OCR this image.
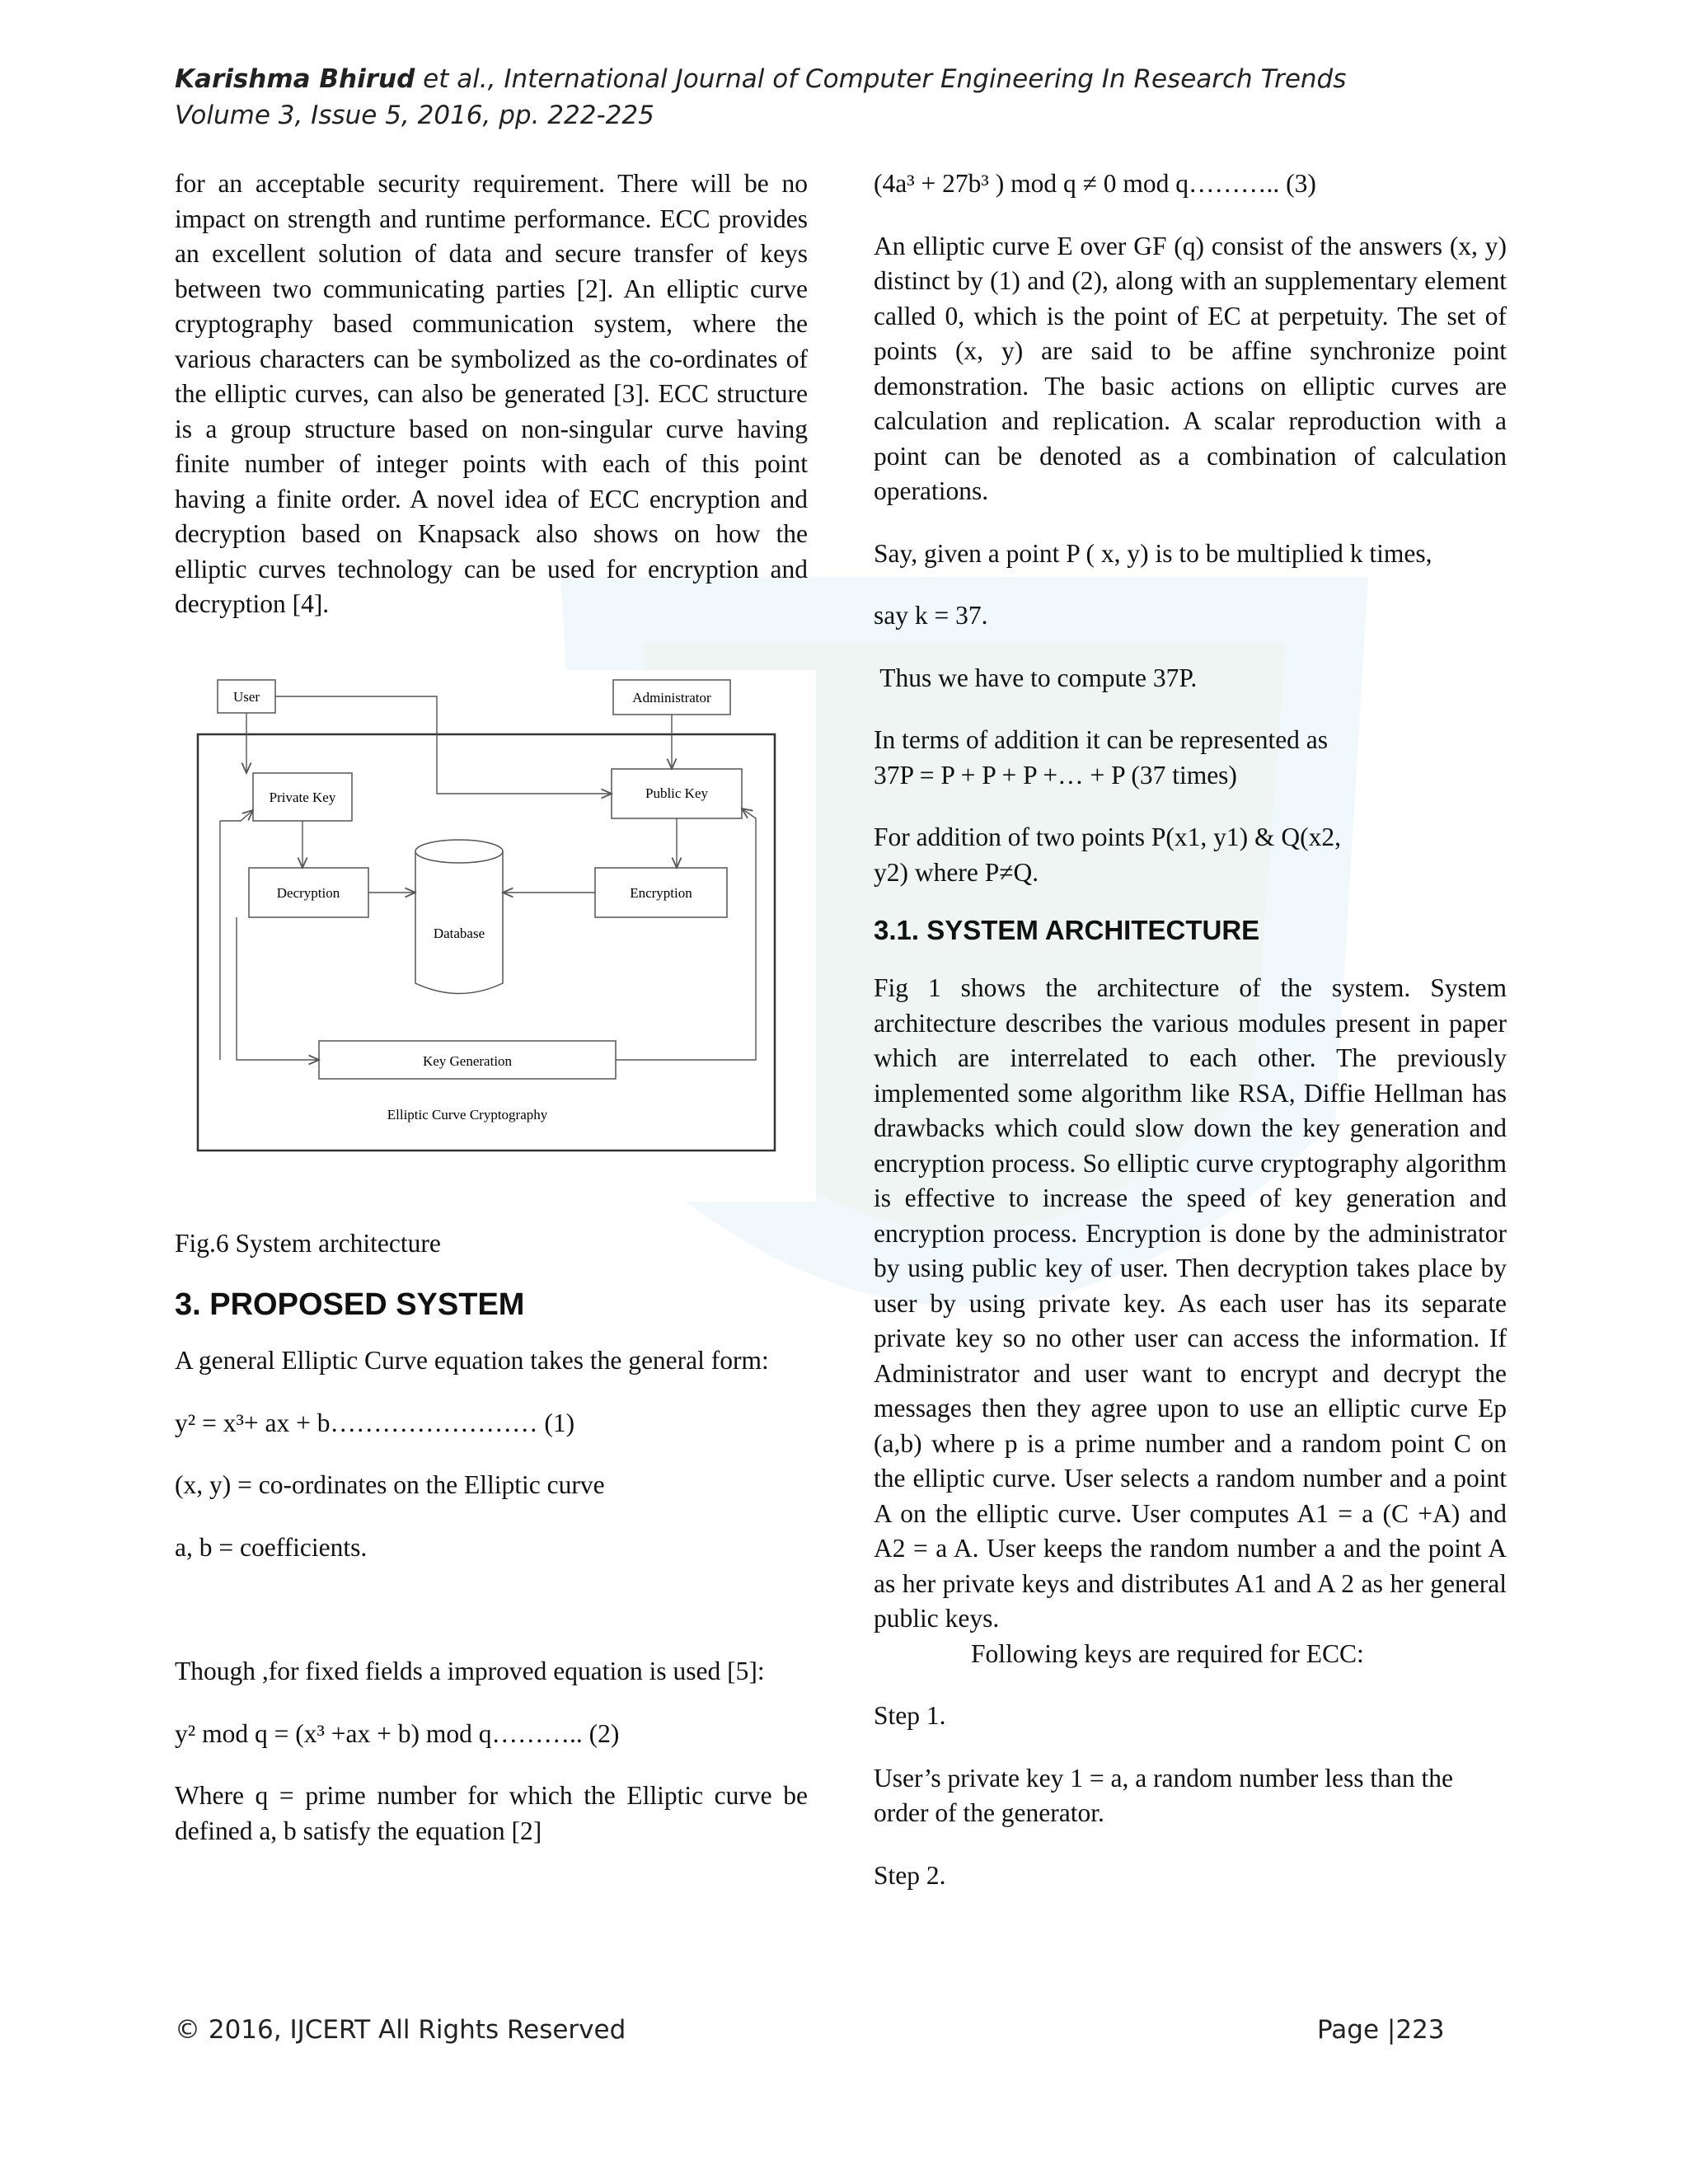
Karishma Bhirud et al., International Journal of Computer Engineering In Research Trends
Volume 3, Issue 5, 2016, pp. 222-225

for an acceptable security requirement. There will be no impact on strength and runtime performance. ECC provides an excellent solution of data and secure transfer of keys between two communicating parties [2]. An elliptic curve cryptography based communication system, where the various characters can be symbolized as the co-ordinates of the elliptic curves, can also be generated [3]. ECC structure is a group structure based on non-singular curve having finite number of integer points with each of this point having a finite order. A novel idea of ECC encryption and decryption based on Knapsack also shows on how the elliptic curves technology can be used for encryption and decryption [4].

User	Administrator
Private Key	Public Key
Decryption	Encryption
Database
Key Generation
Elliptic Curve Cryptography

Fig.6 System architecture

3. PROPOSED SYSTEM

A general Elliptic Curve equation takes the general form:

y² = x³+ ax + b…………………… (1)

(x, y) = co-ordinates on the Elliptic curve

a, b = coefficients.

Though ,for fixed fields a improved equation is used [5]:

y² mod q = (x³ +ax + b) mod q……….. (2)

Where q = prime number for which the Elliptic curve be defined a, b satisfy the equation [2]

(4a³ + 27b³ ) mod q ≠ 0 mod q……….. (3)

An elliptic curve E over GF (q) consist of the answers (x, y) distinct by (1) and (2), along with an supplementary element called 0, which is the point of EC at perpetuity. The set of points (x, y) are said to be affine synchronize point demonstration. The basic actions on elliptic curves are calculation and replication. A scalar reproduction with a point can be denoted as a combination of calculation operations.

Say, given a point P ( x, y) is to be multiplied k times,

say k = 37.

Thus we have to compute 37P.

In terms of addition it can be represented as

37P = P + P + P +… + P (37 times)

For addition of two points P(x1, y1) & Q(x2,

y2) where P≠Q.

3.1. SYSTEM ARCHITECTURE

Fig 1 shows the architecture of the system. System architecture describes the various modules present in paper which are interrelated to each other. The previously implemented some algorithm like RSA, Diffie Hellman has drawbacks which could slow down the key generation and encryption process. So elliptic curve cryptography algorithm is effective to increase the speed of key generation and encryption process. Encryption is done by the administrator by using public key of user. Then decryption takes place by user by using private key. As each user has its separate private key so no other user can access the information. If Administrator and user want to encrypt and decrypt the messages then they agree upon to use an elliptic curve Ep (a,b) where p is a prime number and a random point C on the elliptic curve. User selects a random number and a point A on the elliptic curve. User computes A1 = a (C +A) and A2 = a A. User keeps the random number a and the point A as her private keys and distributes A1 and A 2 as her general public keys.

Following keys are required for ECC:

Step 1.

User’s private key 1 = a, a random number less than the order of the generator.

Step 2.

© 2016, IJCERT All Rights Reserved	Page |223
